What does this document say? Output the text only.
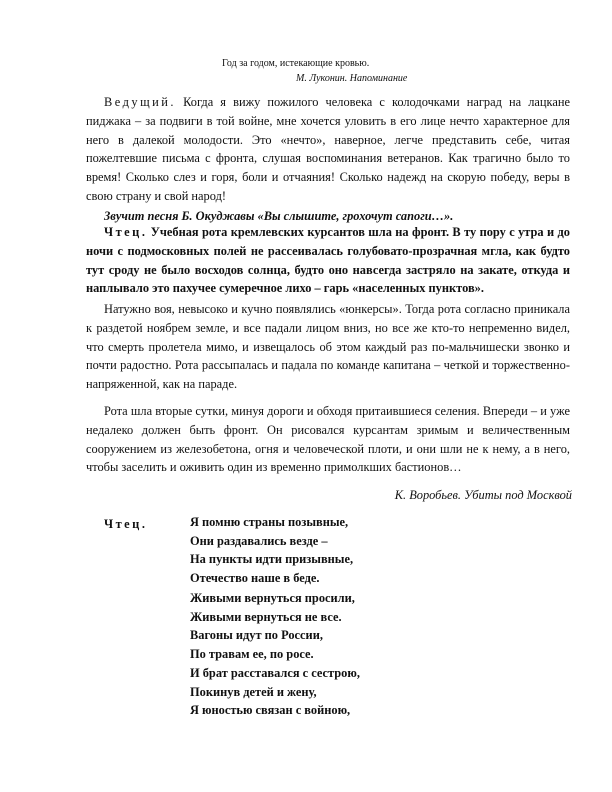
Год за годом, истекающие кровью.
М. Луконин. Напоминание

Ведущий. Когда я вижу пожилого человека с колодочками наград на лацкане пиджака – за подвиги в той войне, мне хочется уловить в его лице нечто характерное для него в далекой молодости. Это «нечто», наверное, легче представить себе, читая пожелтевшие письма с фронта, слушая воспоминания ветеранов. Как трагично было то время! Сколько слез и горя, боли и отчаяния! Сколько надежд на скорую победу, веры в свою страну и свой народ!

Звучит песня Б. Окуджавы «Вы слышите, грохочут сапоги…».

Чтец. Учебная рота кремлевских курсантов шла на фронт. В ту пору с утра и до ночи с подмосковных полей не рассеивалась голубовато-прозрачная мгла, как будто тут сроду не было восходов солнца, будто оно навсегда застряло на закате, откуда и наплывало это пахучее сумеречное лихо – гарь «населенных пунктов».

Натужно воя, невысоко и кучно появлялись «юнкерсы». Тогда рота согласно приникала к раздетой ноябрем земле, и все падали лицом вниз, но все же кто-то непременно видел, что смерть пролетела мимо, и извещалось об этом каждый раз по-мальчишески звонко и почти радостно. Рота рассыпалась и падала по команде капитана – четкой и торжественно-напряженной, как на параде.

Рота шла вторые сутки, минуя дороги и обходя притаившиеся селения. Впереди – и уже недалеко должен быть фронт. Он рисовался курсантам зримым и величественным сооружением из железобетона, огня и человеческой плоти, и они шли не к нему, а в него, чтобы заселить и оживить один из временно примолкших бастионов…

К. Воробьев. Убиты под Москвой
Чтец.	Я помню страны позывные,
Они раздавались везде –
На пункты идти призывные,
Отечество наше в беде.
Живыми вернуться просили,
Живыми вернуться не все.
Вагоны идут по России,
По травам ее, по росе.
И брат расставался с сестрою,
Покинув детей и жену,
Я юностью связан с войною,
